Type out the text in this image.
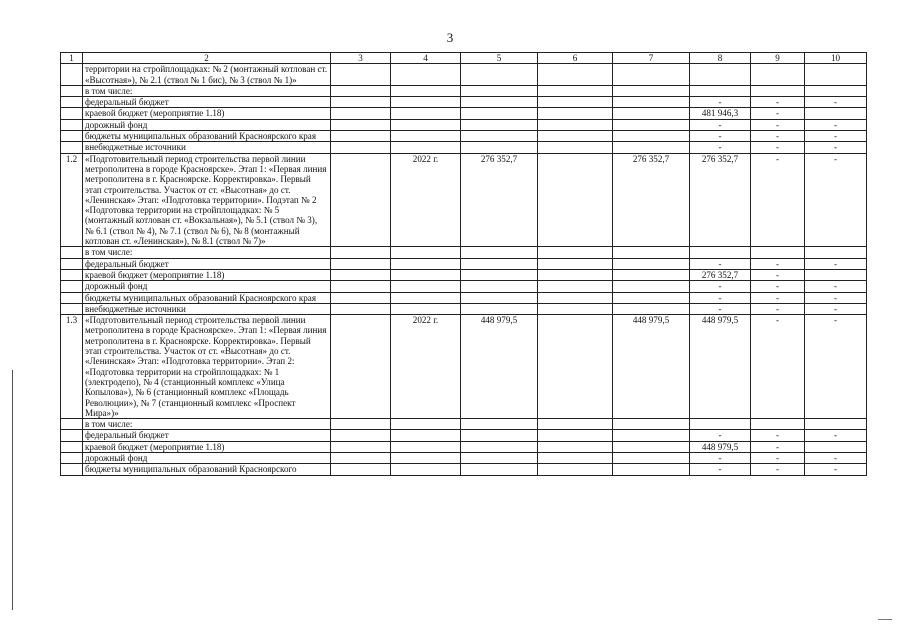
3
1	2	3	4	5	6	7	8	9	10
	территории на стройплощадках: № 2 (монтажный котлован ст. «Высотная»), № 2.1 (ствол № 1 бис), № 3 (ствол № 1)»								
	в том числе:								
	федеральный бюджет						-	-	-
	краевой бюджет (мероприятие 1.18)						481 946,3	-	
	дорожный фонд						-	-	-
	бюджеты муниципальных образований Красноярского края						-	-	-
	внебюджетные источники						-	-	-
1.2	«Подготовительный период строительства первой линии метрополитена в городе Красноярске». Этап 1: «Первая линия метрополитена в г. Красноярске. Корректировка». Первый этап строительства. Участок от ст. «Высотная» до ст. «Ленинская» Этап: «Подготовка территории». Подэтап № 2 «Подготовка территории на стройплощадках: № 5 (монтажный котлован ст. «Вокзальная»), № 5.1 (ствол № 3), № 6.1 (ствол № 4), № 7.1 (ствол № 6), № 8 (монтажный котлован ст. «Ленинская»), № 8.1 (ствол № 7)»		2022 г.	276 352,7		276 352,7	276 352,7	-	-
	в том числе:								
	федеральный бюджет						-	-	-
	краевой бюджет (мероприятие 1.18)						276 352,7	-	
	дорожный фонд						-	-	-
	бюджеты муниципальных образований Красноярского края						-	-	-
	внебюджетные источники						-	-	-
1.3	«Подготовительный период строительства первой линии метрополитена в городе Красноярске». Этап 1: «Первая линия метрополитена в г. Красноярске. Корректировка». Первый этап строительства. Участок от ст. «Высотная» до ст. «Ленинская» Этап: «Подготовка территории». Этап 2: «Подготовка территории на стройплощадках: № 1 (электродепо), № 4 (станционный комплекс «Улица Копылова»), № 6 (станционный комплекс «Площадь Революции»), № 7 (станционный комплекс «Проспект Мира»)»		2022 г.	448 979,5		448 979,5	448 979,5	-	-
	в том числе:								
	федеральный бюджет						-	-	-
	краевой бюджет (мероприятие 1.18)						448 979,5	-	
	дорожный фонд						-	-	-
	бюджеты муниципальных образований Красноярского						-	-	-
